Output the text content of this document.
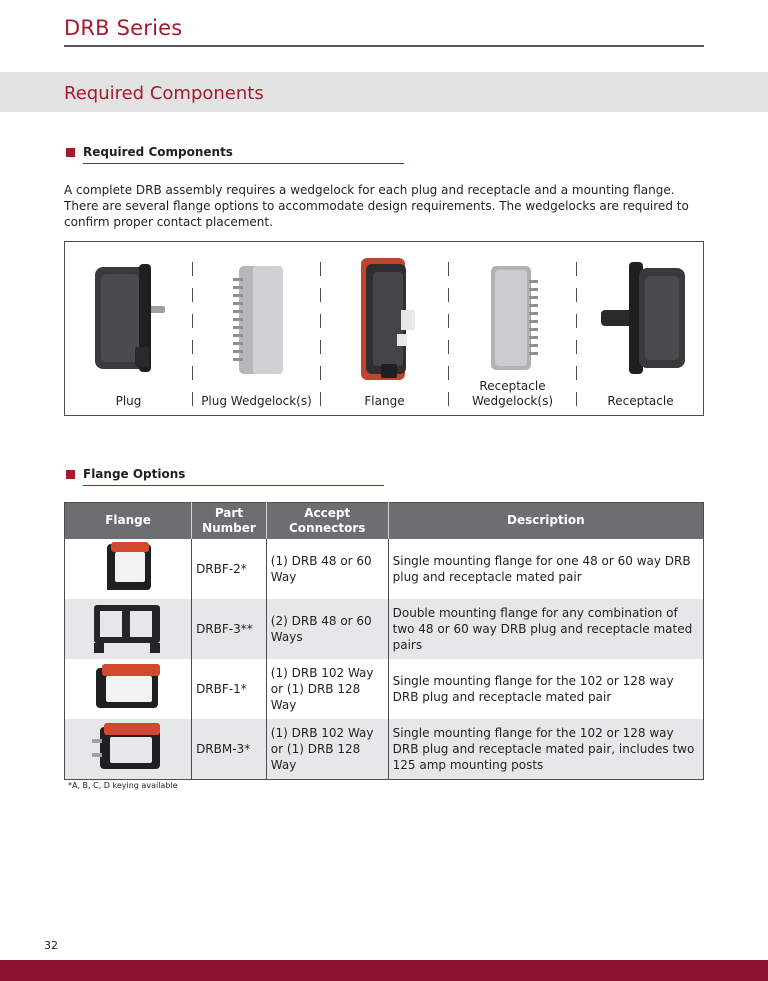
DRB Series
Required Components
Required Components

A complete DRB assembly requires a wedgelock for each plug and receptacle and a mounting flange. There are several flange options to accommodate design requirements. The wedgelocks are required to confirm proper contact placement.

Plug	Plug Wedgelock(s)	Flange
Receptacle Wedgelock(s)	Receptacle
Flange Options
Flange	Part Number	Accept Connectors	Description
	DRBF-2*	(1) DRB 48 or 60 Way	Single mounting flange for one 48 or 60 way DRB plug and receptacle mated pair
	DRBF-3**	(2) DRB 48 or 60 Ways	Double mounting flange for any combination of two 48 or 60 way DRB plug and receptacle mated pairs
	DRBF-1*	(1) DRB 102 Way or (1) DRB 128 Way	Single mounting flange for the 102 or 128 way DRB plug and receptacle mated pair
	DRBM-3*	(1) DRB 102 Way or (1) DRB 128 Way	Single mounting flange for the 102 or 128 way DRB plug and receptacle mated pair, includes two 125 amp mounting posts
*A, B, C, D keying available
32
